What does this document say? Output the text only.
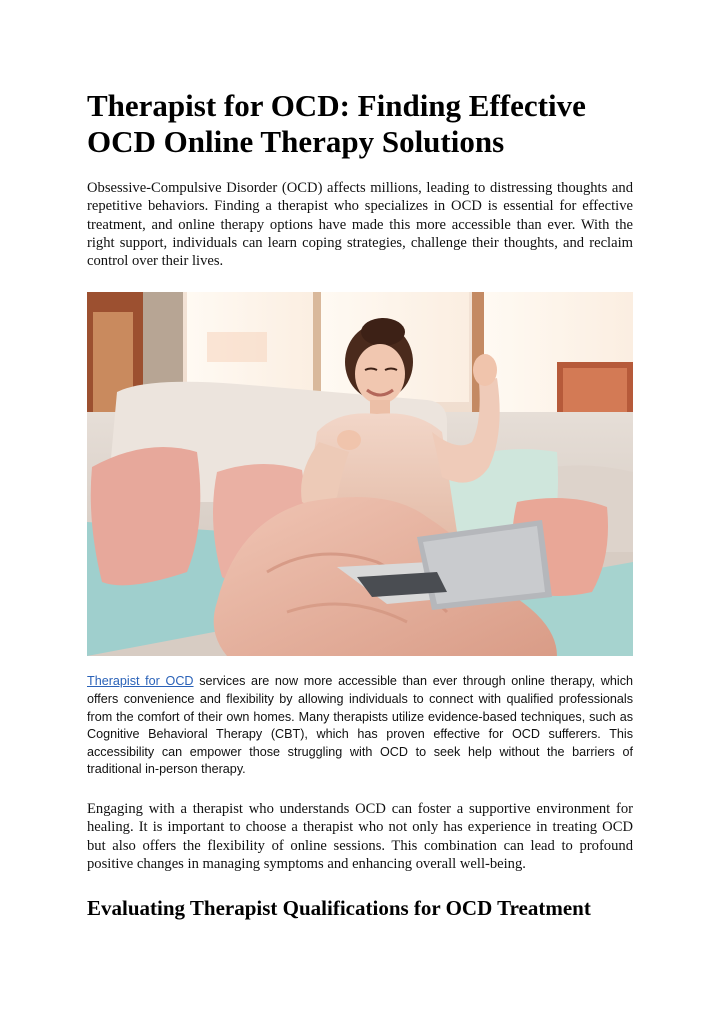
Therapist for OCD: Finding Effective OCD Online Therapy Solutions

Obsessive-Compulsive Disorder (OCD) affects millions, leading to distressing thoughts and repetitive behaviors. Finding a therapist who specializes in OCD is essential for effective treatment, and online therapy options have made this more accessible than ever. With the right support, individuals can learn coping strategies, challenge their thoughts, and reclaim control over their lives.

Therapist for OCD services are now more accessible than ever through online therapy, which offers convenience and flexibility by allowing individuals to connect with qualified professionals from the comfort of their own homes. Many therapists utilize evidence-based techniques, such as Cognitive Behavioral Therapy (CBT), which has proven effective for OCD sufferers. This accessibility can empower those struggling with OCD to seek help without the barriers of traditional in-person therapy.

Engaging with a therapist who understands OCD can foster a supportive environment for healing. It is important to choose a therapist who not only has experience in treating OCD but also offers the flexibility of online sessions. This combination can lead to profound positive changes in managing symptoms and enhancing overall well-being.

Evaluating Therapist Qualifications for OCD Treatment
